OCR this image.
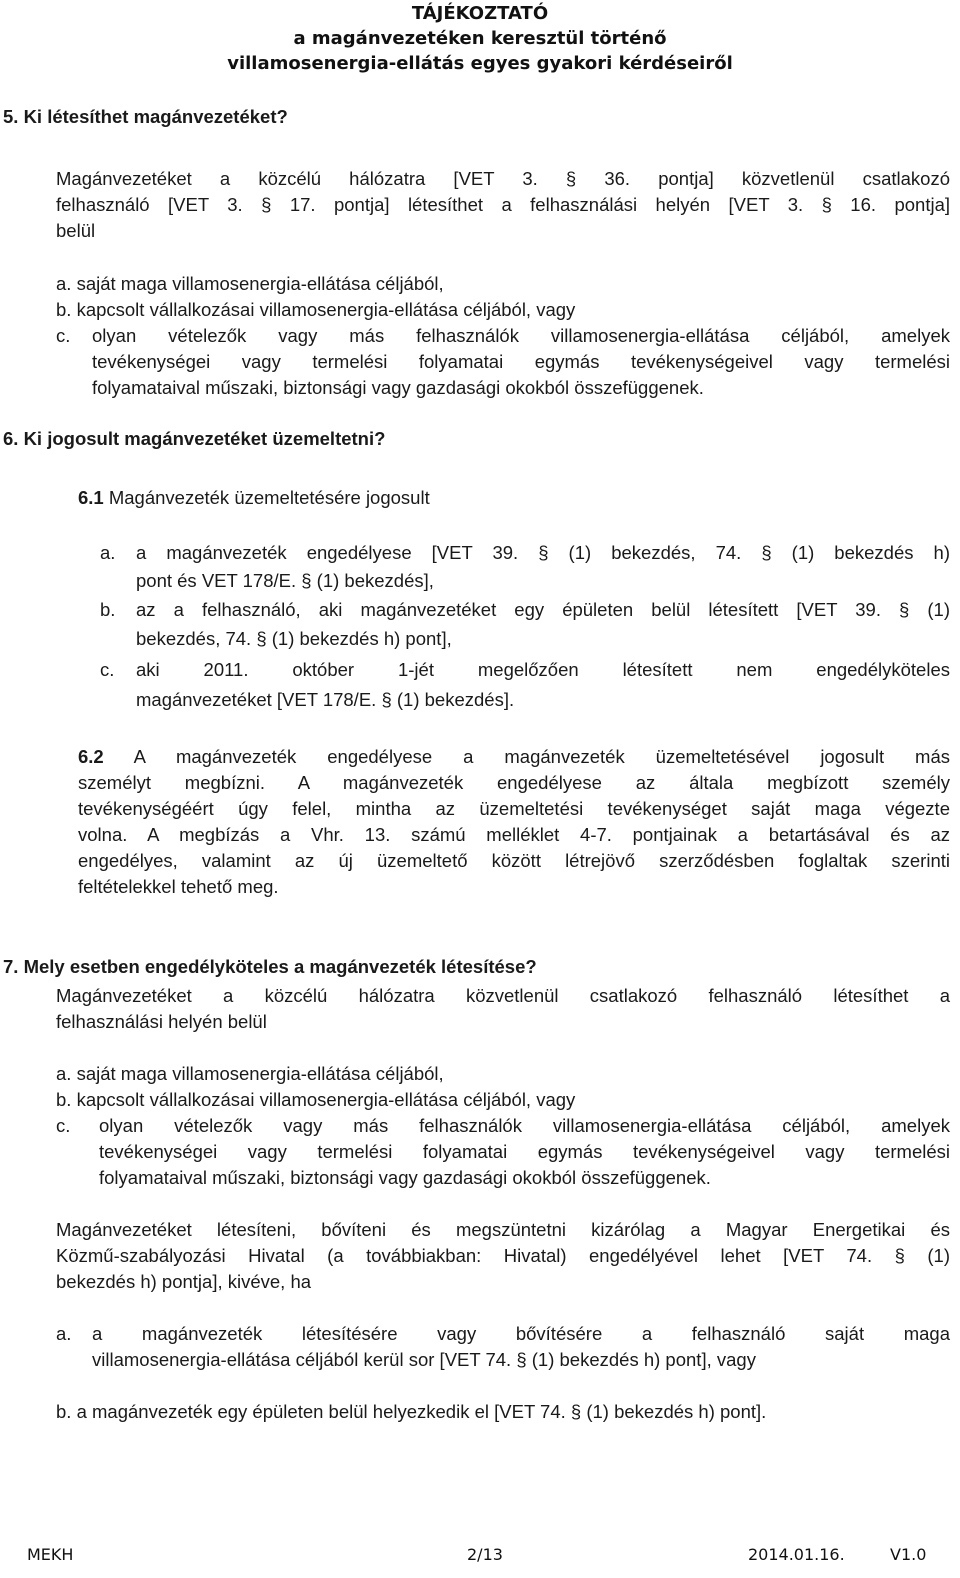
TÁJÉKOZTATÓ
a magánvezetéken keresztül történő
villamosenergia-ellátás egyes gyakori kérdéseiről
5. Ki létesíthet magánvezetéket?
Magánvezetéket a közcélú hálózatra [VET 3. § 36. pontja] közvetlenül csatlakozó
felhasználó [VET 3. § 17. pontja] létesíthet a felhasználási helyén [VET 3. § 16. pontja]
belül
a. saját maga villamosenergia-ellátása céljából,
b. kapcsolt vállalkozásai villamosenergia-ellátása céljából, vagy
c. olyan vételezők vagy más felhasználók villamosenergia-ellátása céljából, amelyek
tevékenységei vagy termelési folyamatai egymás tevékenységeivel vagy termelési
folyamataival műszaki, biztonsági vagy gazdasági okokból összefüggenek.
6. Ki jogosult magánvezetéket üzemeltetni?
6.1 Magánvezeték üzemeltetésére jogosult
a. a magánvezeték engedélyese [VET 39. § (1) bekezdés, 74. § (1) bekezdés h)
pont és VET 178/E. § (1) bekezdés],
b. az a felhasználó, aki magánvezetéket egy épületen belül létesített [VET 39. § (1)
bekezdés, 74. § (1) bekezdés h) pont],
c. aki 2011. október 1-jét megelőzően létesített nem engedélyköteles
magánvezetéket [VET 178/E. § (1) bekezdés].
6.2 A magánvezeték engedélyese a magánvezeték üzemeltetésével jogosult más
személyt megbízni. A magánvezeték engedélyese az általa megbízott személy
tevékenységéért úgy felel, mintha az üzemeltetési tevékenységet saját maga végezte
volna. A megbízás a Vhr. 13. számú melléklet 4-7. pontjainak a betartásával és az
engedélyes, valamint az új üzemeltető között létrejövő szerződésben foglaltak szerinti
feltételekkel tehető meg.
7. Mely esetben engedélyköteles a magánvezeték létesítése?
Magánvezetéket a közcélú hálózatra közvetlenül csatlakozó felhasználó létesíthet a
felhasználási helyén belül
a. saját maga villamosenergia-ellátása céljából,
b. kapcsolt vállalkozásai villamosenergia-ellátása céljából, vagy
c. olyan vételezők vagy más felhasználók villamosenergia-ellátása céljából, amelyek
tevékenységei vagy termelési folyamatai egymás tevékenységeivel vagy termelési
folyamataival műszaki, biztonsági vagy gazdasági okokból összefüggenek.
Magánvezetéket létesíteni, bővíteni és megszüntetni kizárólag a Magyar Energetikai és
Közmű-szabályozási Hivatal (a továbbiakban: Hivatal) engedélyével lehet [VET 74. § (1)
bekezdés h) pontja], kivéve, ha
a. a magánvezeték létesítésére vagy bővítésére a felhasználó saját maga
villamosenergia-ellátása céljából kerül sor [VET 74. § (1) bekezdés h) pont], vagy
b. a magánvezeték egy épületen belül helyezkedik el [VET 74. § (1) bekezdés h) pont].
MEKH	2/13	2014.01.16.	V1.0
